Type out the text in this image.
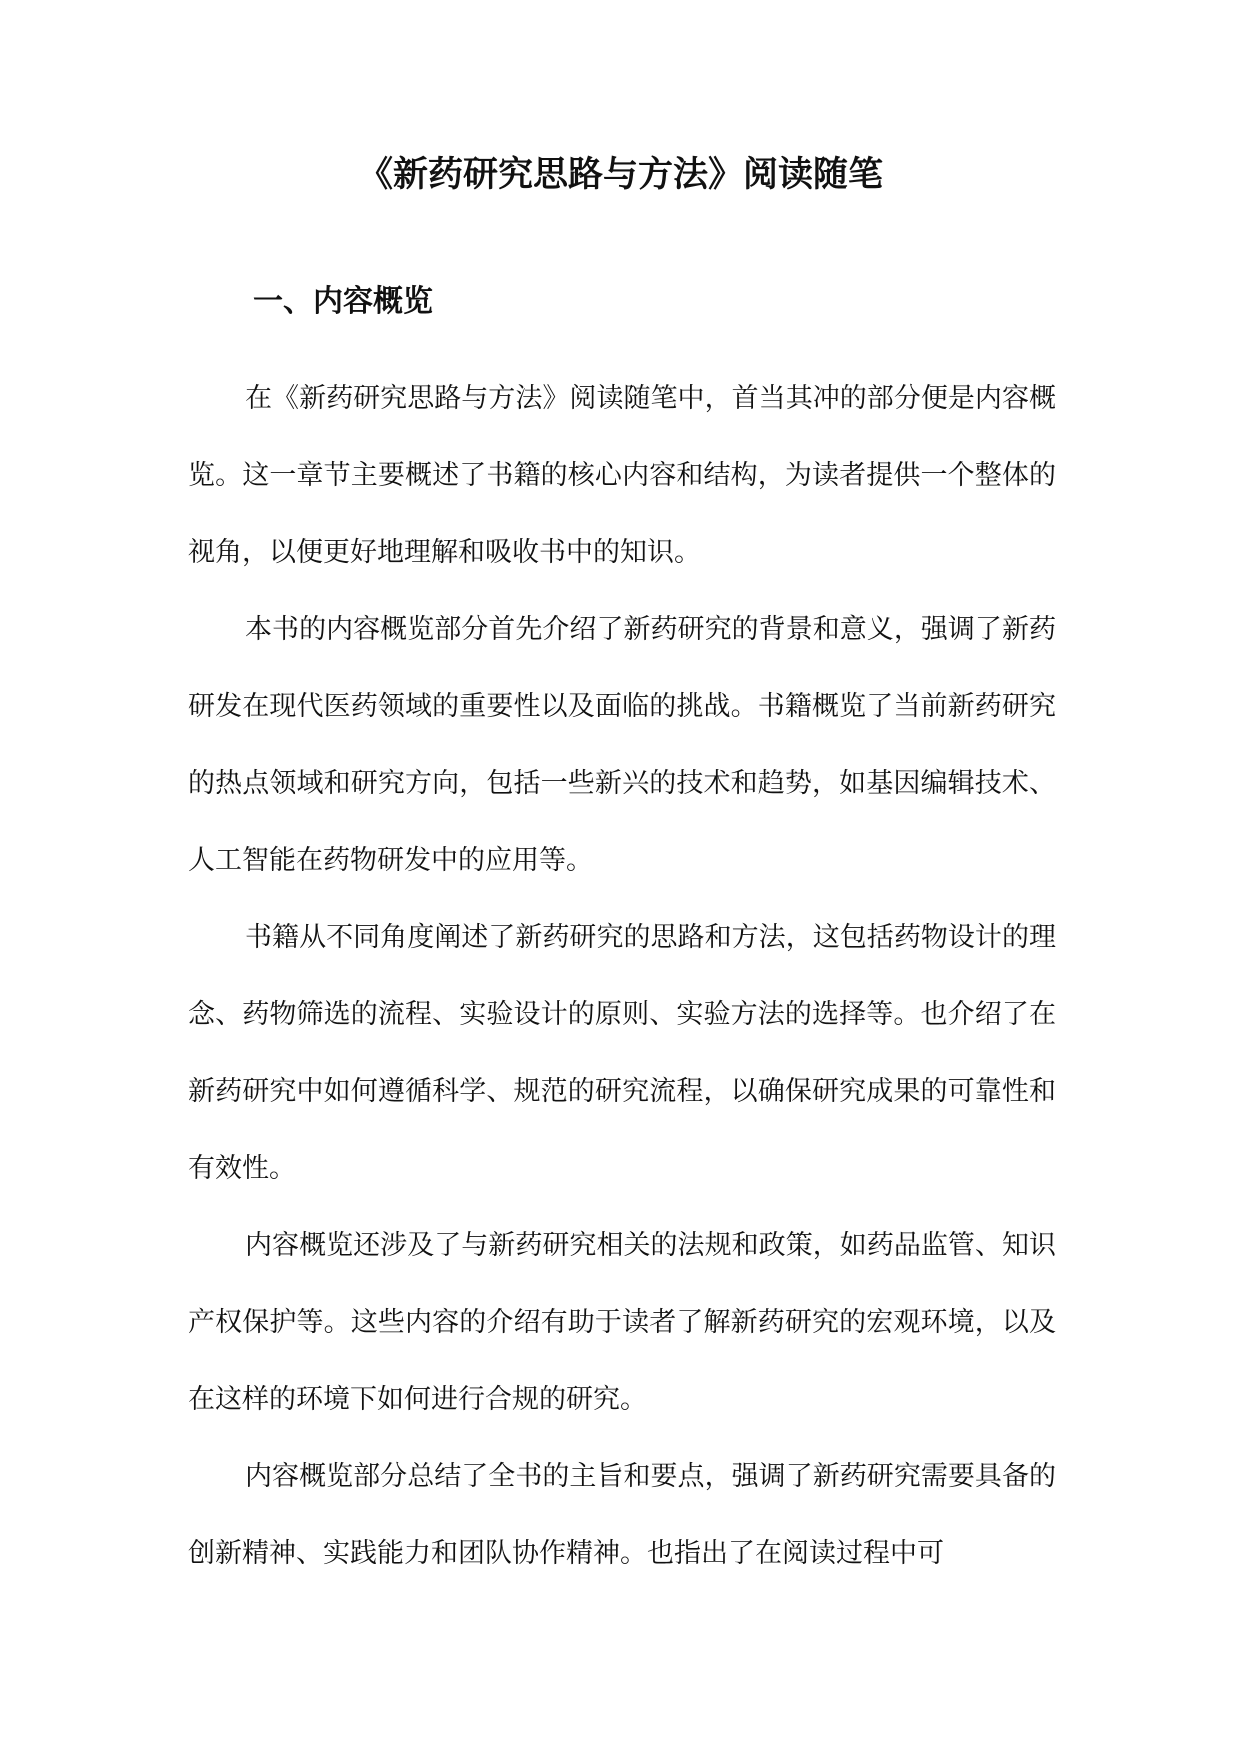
《新药研究思路与方法》阅读随笔
一、内容概览

在《新药研究思路与方法》阅读随笔中，首当其冲的部分便是内容概览。这一章节主要概述了书籍的核心内容和结构，为读者提供一个整体的视角，以便更好地理解和吸收书中的知识。

本书的内容概览部分首先介绍了新药研究的背景和意义，强调了新药研发在现代医药领域的重要性以及面临的挑战。书籍概览了当前新药研究的热点领域和研究方向，包括一些新兴的技术和趋势，如基因编辑技术、人工智能在药物研发中的应用等。

书籍从不同角度阐述了新药研究的思路和方法，这包括药物设计的理念、药物筛选的流程、实验设计的原则、实验方法的选择等。也介绍了在新药研究中如何遵循科学、规范的研究流程，以确保研究成果的可靠性和有效性。

内容概览还涉及了与新药研究相关的法规和政策，如药品监管、知识产权保护等。这些内容的介绍有助于读者了解新药研究的宏观环境，以及在这样的环境下如何进行合规的研究。

内容概览部分总结了全书的主旨和要点，强调了新药研究需要具备的创新精神、实践能力和团队协作精神。也指出了在阅读过程中可
